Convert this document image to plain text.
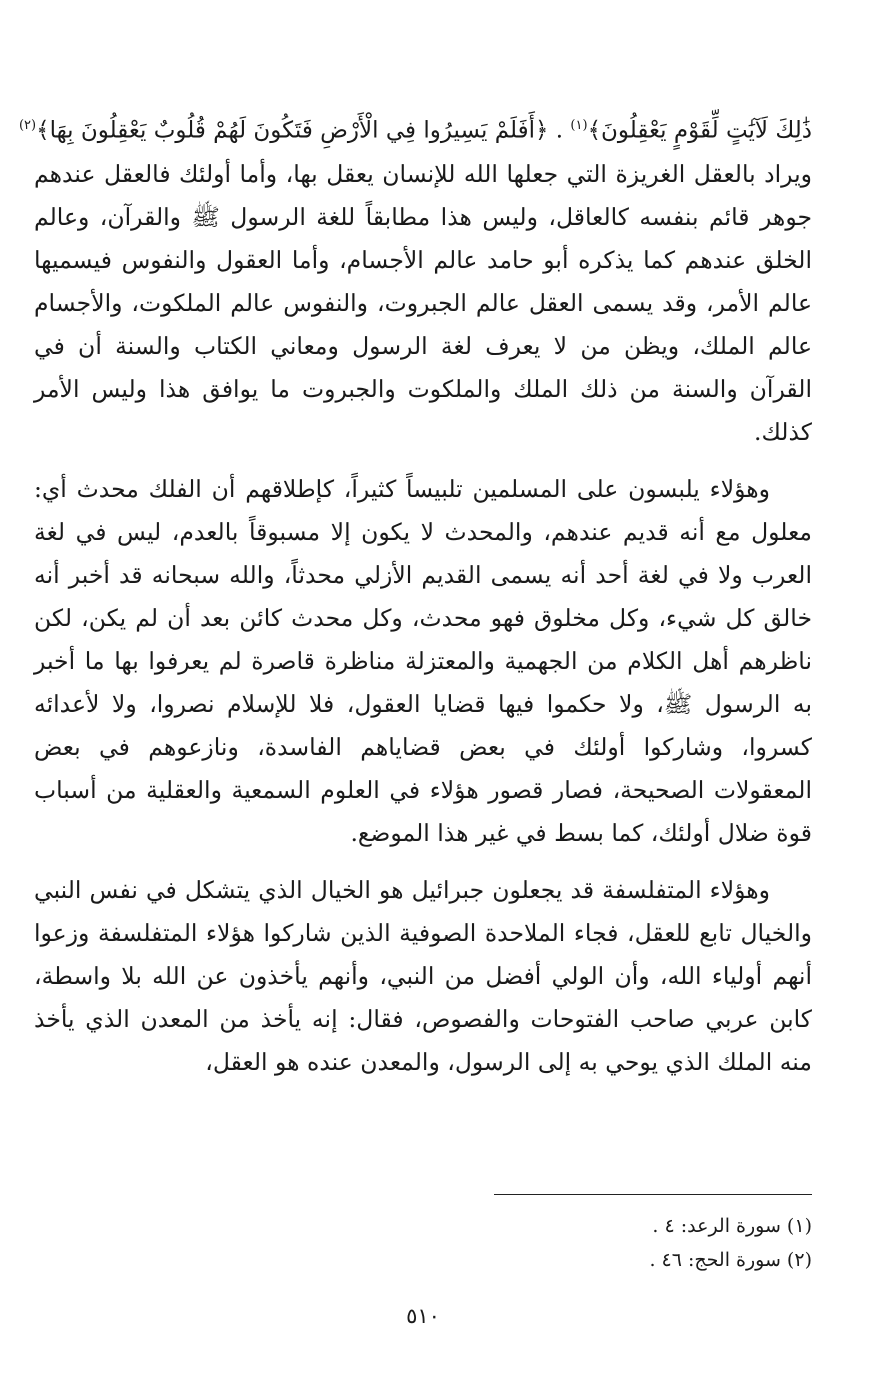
ذَٰلِكَ لَآيَٰتٍ لِّقَوْمٍ يَعْقِلُونَ﴾$^{(١)}$ . ﴿أَفَلَمْ يَسِيرُوا فِي الْأَرْضِ فَتَكُونَ لَهُمْ قُلُوبٌ يَعْقِلُونَ بِهَا﴾$^{(٢)}$

ويراد بالعقل الغريزة التي جعلها الله للإنسان يعقل بها، وأما أولئك فالعقل عندهم جوهر قائم بنفسه كالعاقل، وليس هذا مطابقاً للغة الرسول ﷺ والقرآن، وعالم الخلق عندهم كما يذكره أبو حامد عالم الأجسام، وأما العقول والنفوس فيسميها عالم الأمر، وقد يسمى العقل عالم الجبروت، والنفوس عالم الملكوت، والأجسام عالم الملك، ويظن من لا يعرف لغة الرسول ومعاني الكتاب والسنة أن في القرآن والسنة من ذلك الملك والملكوت والجبروت ما يوافق هذا وليس الأمر كذلك.

وهؤلاء يلبسون على المسلمين تلبيساً كثيراً، كإطلاقهم أن الفلك محدث أي: معلول مع أنه قديم عندهم، والمحدث لا يكون إلا مسبوقاً بالعدم، ليس في لغة العرب ولا في لغة أحد أنه يسمى القديم الأزلي محدثاً، والله سبحانه قد أخبر أنه خالق كل شيء، وكل مخلوق فهو محدث، وكل محدث كائن بعد أن لم يكن، لكن ناظرهم أهل الكلام من الجهمية والمعتزلة مناظرة قاصرة لم يعرفوا بها ما أخبر به الرسول ﷺ، ولا حكموا فيها قضايا العقول، فلا للإسلام نصروا، ولا لأعدائه كسروا، وشاركوا أولئك في بعض قضاياهم الفاسدة، ونازعوهم في بعض المعقولات الصحيحة، فصار قصور هؤلاء في العلوم السمعية والعقلية من أسباب قوة ضلال أولئك، كما بسط في غير هذا الموضع.

وهؤلاء المتفلسفة قد يجعلون جبرائيل هو الخيال الذي يتشكل في نفس النبي والخيال تابع للعقل، فجاء الملاحدة الصوفية الذين شاركوا هؤلاء المتفلسفة وزعوا أنهم أولياء الله، وأن الولي أفضل من النبي، وأنهم يأخذون عن الله بلا واسطة، كابن عربي صاحب الفتوحات والفصوص، فقال: إنه يأخذ من المعدن الذي يأخذ منه الملك الذي يوحي به إلى الرسول، والمعدن عنده هو العقل،

(١) سورة الرعد: ٤ .
(٢) سورة الحج: ٤٦ .
٥١٠
